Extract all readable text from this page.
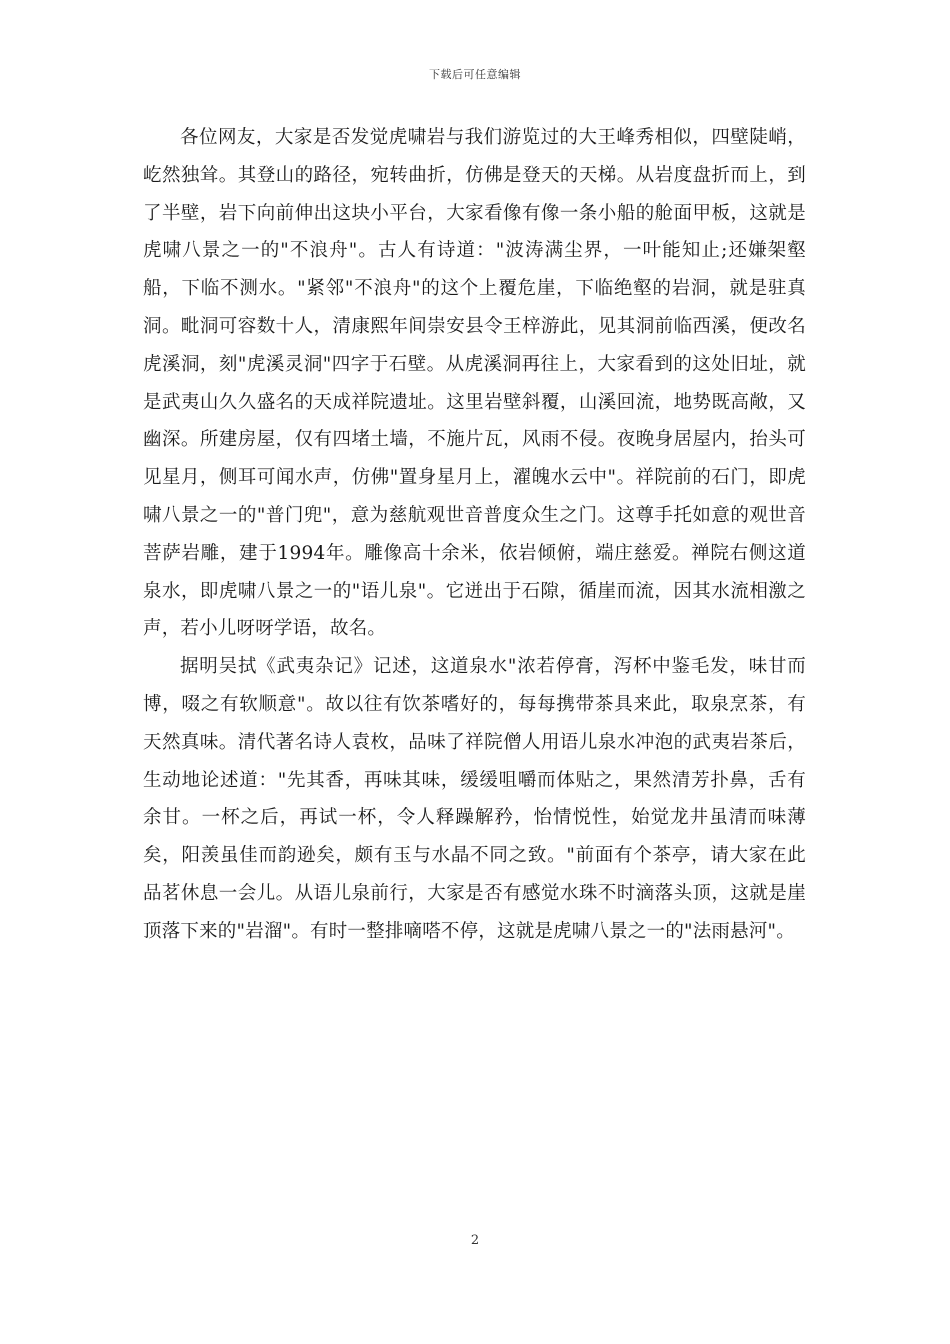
下载后可任意编辑

各位网友，大家是否发觉虎啸岩与我们游览过的大王峰秀相似，四壁陡峭，屹然独耸。其登山的路径，宛转曲折，仿佛是登天的天梯。从岩度盘折而上，到了半壁，岩下向前伸出这块小平台，大家看像有像一条小船的舱面甲板，这就是虎啸八景之一的"不浪舟"。古人有诗道："波涛满尘界，一叶能知止;还嫌架壑船，下临不测水。"紧邻"不浪舟"的这个上覆危崖，下临绝壑的岩洞，就是驻真洞。毗洞可容数十人，清康熙年间崇安县令王梓游此，见其洞前临西溪，便改名虎溪洞，刻"虎溪灵洞"四字于石壁。从虎溪洞再往上，大家看到的这处旧址，就是武夷山久久盛名的天成祥院遗址。这里岩壁斜覆，山溪回流，地势既高敞，又幽深。所建房屋，仅有四堵土墙，不施片瓦，风雨不侵。夜晚身居屋内，抬头可见星月，侧耳可闻水声，仿佛"置身星月上，濯魄水云中"。祥院前的石门，即虎啸八景之一的"普门兜"，意为慈航观世音普度众生之门。这尊手托如意的观世音菩萨岩雕，建于1994年。雕像高十余米，依岩倾俯，端庄慈爱。禅院右侧这道泉水，即虎啸八景之一的"语儿泉"。它迸出于石隙，循崖而流，因其水流相激之声，若小儿呀呀学语，故名。

据明吴拭《武夷杂记》记述，这道泉水"浓若停膏，泻杯中鉴毛发，味甘而博，啜之有软顺意"。故以往有饮茶嗜好的，每每携带茶具来此，取泉烹茶，有天然真味。清代著名诗人袁枚，品味了祥院僧人用语儿泉水冲泡的武夷岩茶后，生动地论述道："先其香，再味其味，缓缓咀嚼而体贴之，果然清芳扑鼻，舌有余甘。一杯之后，再试一杯，令人释躁解矜，怡情悦性，始觉龙井虽清而味薄矣，阳羡虽佳而韵逊矣，颇有玉与水晶不同之致。"前面有个茶亭，请大家在此品茗休息一会儿。从语儿泉前行，大家是否有感觉水珠不时滴落头顶，这就是崖顶落下来的"岩溜"。有时一整排嘀嗒不停，这就是虎啸八景之一的"法雨悬河"。

2
